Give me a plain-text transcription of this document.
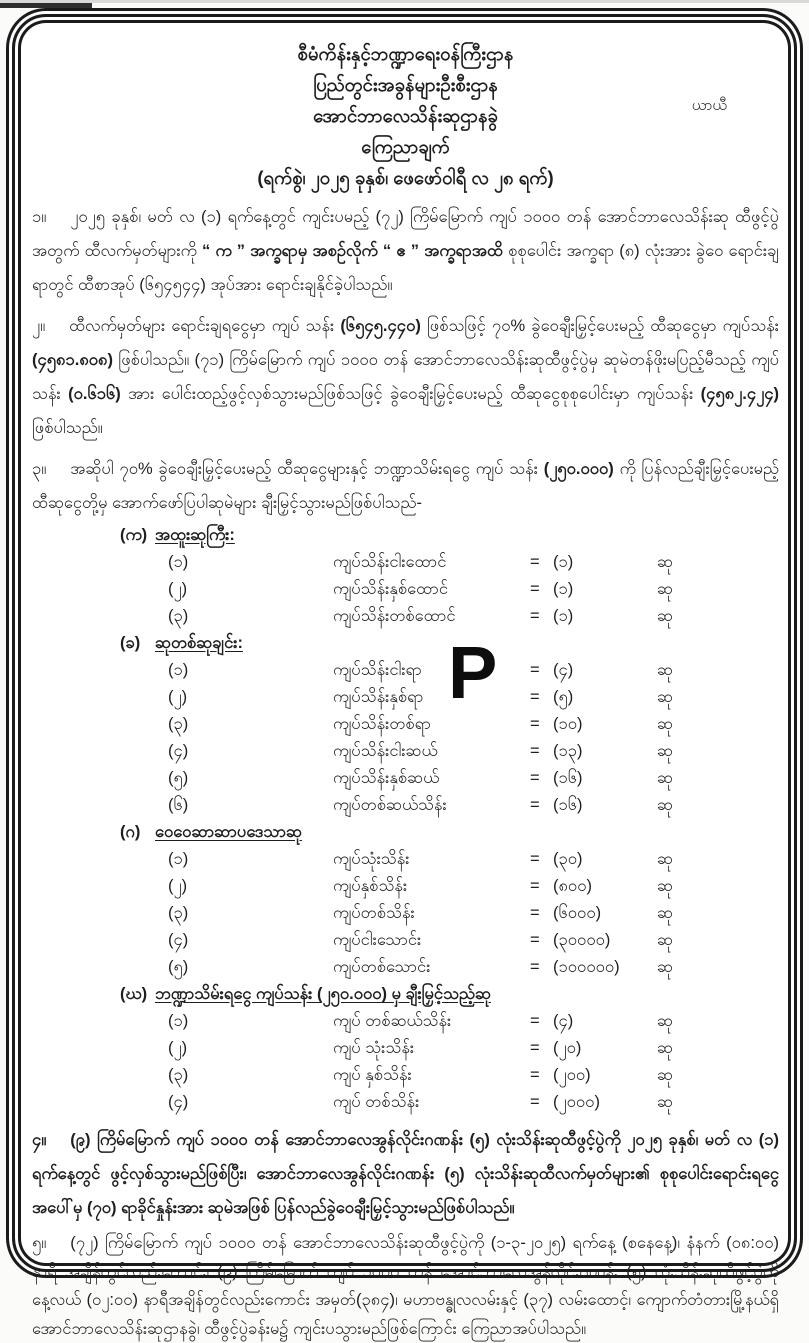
ယာယီ
စီမံကိန်းနှင့်ဘဏ္ဍာရေးဝန်ကြီးဌာန
ပြည်တွင်းအခွန်များဦးစီးဌာန
အောင်ဘာလေသိန်းဆုဌာနခွဲ
ကြေညာချက်
(ရက်စွဲ၊ ၂၀၂၅ ခုနှစ်၊ ဖေဖော်ဝါရီ လ ၂၈ ရက်)

၁။ ၂၀၂၅ ခုနှစ်၊ မတ် လ (၁) ရက်နေ့တွင် ကျင်းပမည့် (၇၂) ကြိမ်မြောက် ကျပ် ၁၀၀၀ တန် အောင်ဘာလေသိန်းဆု ထီဖွင့်ပွဲအတွက် ထီလက်မှတ်များကို “ က ” အက္ခရာမှ အစဉ်လိုက် “ ဧ ” အက္ခရာအထိ စုစုပေါင်း အက္ခရာ (၈) လုံးအား ခွဲဝေ ရောင်းချရာတွင် ထီစာအုပ် (၆၅၄၅၄၄) အုပ်အား ရောင်းချနိုင်ခဲ့ပါသည်။

၂။ ထီလက်မှတ်များ ရောင်းချရငွေမှာ ကျပ် သန်း (၆၅၄၅.၄၄၀) ဖြစ်သဖြင့် ၇၀% ခွဲဝေချီးမြှင့်ပေးမည့် ထီဆုငွေမှာ ကျပ်သန်း (၄၅၈၁.၈၀၈) ဖြစ်ပါသည်။ (၇၁) ကြိမ်မြောက် ကျပ် ၁၀၀၀ တန် အောင်ဘာလေသိန်းဆုထီဖွင့်ပွဲမှ ဆုမဲတန်ဖိုးမပြည့်မီသည့် ကျပ် သန်း (၀.၆၁၆) အား ပေါင်းထည့်ဖွင့်လှစ်သွားမည်ဖြစ်သဖြင့် ခွဲဝေချီးမြှင့်ပေးမည့် ထီဆုငွေစုစုပေါင်းမှာ ကျပ်သန်း (၄၅၈၂.၄၂၄) ဖြစ်ပါသည်။

၃။ အဆိုပါ ၇၀% ခွဲဝေချီးမြှင့်ပေးမည့် ထီဆုငွေများနှင့် ဘဏ္ဍာသိမ်းရငွေ ကျပ် သန်း (၂၅၀.၀၀၀) ကို ပြန်လည်ချီးမြှင့်ပေးမည့် ထီဆုငွေတို့မှ အောက်ဖော်ပြပါဆုမဲများ ချီးမြှင့်သွားမည်ဖြစ်ပါသည်-

(က) အထူးဆုကြီး:
(၁)	ကျပ်သိန်းငါးထောင်	= (၁)	ဆု
(၂)	ကျပ်သိန်းနှစ်ထောင်	= (၁)	ဆု
(၃)	ကျပ်သိန်းတစ်ထောင်	= (၁)	ဆု
(ခ) ဆုတစ်ဆုချင်း:
(၁)	ကျပ်သိန်းငါးရာ	= (၄)	ဆု
(၂)	ကျပ်သိန်းနှစ်ရာ	= (၅)	ဆု
(၃)	ကျပ်သိန်းတစ်ရာ	= (၁၀)	ဆု
(၄)	ကျပ်သိန်းငါးဆယ်	= (၁၃)	ဆု
(၅)	ကျပ်သိန်းနှစ်ဆယ်	= (၁၆)	ဆု
(၆)	ကျပ်တစ်ဆယ်သိန်း	= (၁၆)	ဆု
(ဂ) ဝေဝေဆာဆာပဒေသာဆု
(၁)	ကျပ်သုံးသိန်း	= (၃၀)	ဆု
(၂)	ကျပ်နှစ်သိန်း	= (၈၀၀)	ဆု
(၃)	ကျပ်တစ်သိန်း	= (၆၀၀၀)	ဆု
(၄)	ကျပ်ငါးသောင်း	= (၃၀၀၀၀)	ဆု
(၅)	ကျပ်တစ်သောင်း	= (၁၀၀၀၀၀)	ဆု
(ဃ) ဘဏ္ဍာသိမ်းရငွေ ကျပ်သန်း (၂၅၀.၀၀၀) မှ ချီးမြှင့်သည့်ဆု
(၁)	ကျပ် တစ်ဆယ်သိန်း	= (၄)	ဆု
(၂)	ကျပ် သုံးသိန်း	= (၂၀)	ဆု
(၃)	ကျပ် နှစ်သိန်း	= (၂၀၀)	ဆု
(၄)	ကျပ် တစ်သိန်း	= (၂၀၀၀)	ဆု

၄။ (၉) ကြိမ်မြောက် ကျပ် ၁၀၀၀ တန် အောင်ဘာလေအွန်လိုင်းဂဏန်း (၅) လုံးသိန်းဆုထီဖွင့်ပွဲကို ၂၀၂၅ ခုနှစ်၊ မတ် လ (၁) ရက်နေ့တွင် ဖွင့်လှစ်သွားမည်ဖြစ်ပြီး၊ အောင်ဘာလေအွန်လိုင်းဂဏန်း (၅) လုံးသိန်းဆုထီလက်မှတ်များ၏ စုစုပေါင်းရောင်းရငွေ အပေါ်မှ (၇၀) ရာခိုင်နှုန်းအား ဆုမဲအဖြစ် ပြန်လည်ခွဲဝေချီးမြှင့်သွားမည်ဖြစ်ပါသည်။

၅။ (၇၂) ကြိမ်မြောက် ကျပ် ၁၀၀၀ တန် အောင်ဘာလေသိန်းဆုထီဖွင့်ပွဲကို (၁-၃-၂၀၂၅) ရက်နေ့ (စနေနေ့)၊ နံနက် (၀၈:၀၀) နာရီ အချိန်တွင်လည်းကောင်း၊ (၉) ကြိမ်မြောက် ကျပ် ၁၀၀၀ တန် အောင်ဘာလေအွန်လိုင်းဂဏန်း (၅) လုံးသိန်းဆုထီဖွင့်ပွဲကို နေ့လယ် (၀၂:၀၀) နာရီအချိန်တွင်လည်းကောင်း အမှတ်(၃၈၄)၊ မဟာဗန္ဓုလလမ်းနှင့် (၃၇) လမ်းထောင့်၊ ကျောက်တံတားမြို့နယ်ရှိ အောင်ဘာလေသိန်းဆုဌာနခွဲ၊ ထီဖွင့်ပွဲခန်းမ၌ ကျင်းပသွားမည်ဖြစ်ကြောင်း ကြေညာအပ်ပါသည်။

P
